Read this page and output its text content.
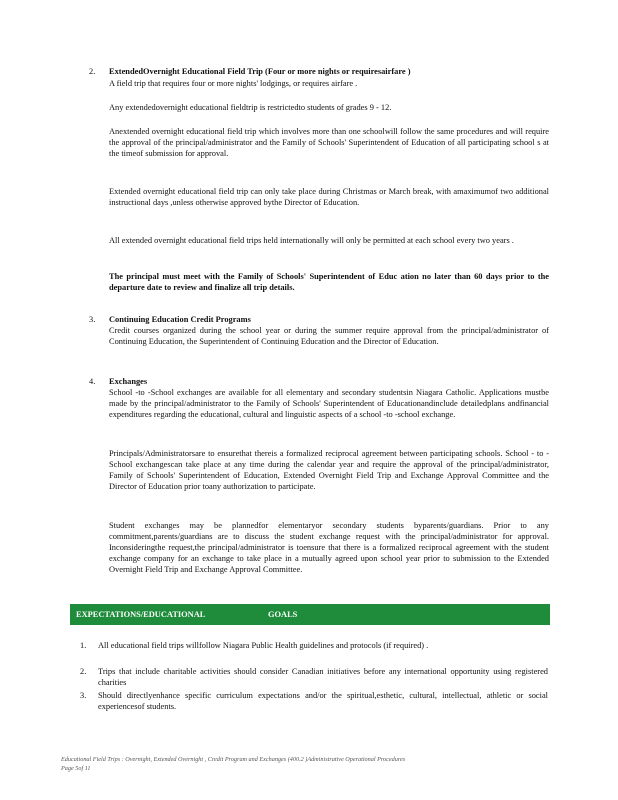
2. ExtendedOvernight Educational Field Trip (Four or more nights or requiresairfare )
A field trip that requires four or more nights' lodgings, or requires airfare .
Any extendedovernight educational fieldtrip is restrictedto students of grades 9 - 12.
Anextended overnight educational field trip which involves more than one schoolwill follow the same procedures and will require the approval of the principal/administrator and the Family of Schools' Superintendent of Education of all participating school s at the timeof submission for approval.
Extended overnight educational field trip can only take place during Christmas or March break, with amaximumof two additional instructional days ,unless otherwise approved bythe Director of Education.
All extended overnight educational field trips held internationally will only be permitted at each school every two years .
The principal must meet with the Family of Schools' Superintendent of Educ ation no later than 60 days prior to the departure date to review and finalize all trip details.
3. Continuing Education Credit Programs
Credit courses organized during the school year or during the summer require approval from the principal/administrator of Continuing Education, the Superintendent of Continuing Education and the Director of Education.
4. Exchanges
School -to -School exchanges are available for all elementary and secondary studentsin Niagara Catholic. Applications mustbe made by the principal/administrator to the Family of Schools' Superintendent of Educationandinclude detailedplans andfinancial expenditures regarding the educational, cultural and linguistic aspects of a school -to -school exchange.
Principals/Administratorsare to ensurethat thereis a formalized reciprocal agreement between participating schools. School - to - School exchangescan take place at any time during the calendar year and require the approval of the principal/administrator, Family of Schools' Superintendent of Education, Extended Overnight Field Trip and Exchange Approval Committee and the Director of Education prior toany authorization to participate.
Student exchanges may be plannedfor elementaryor secondary students byparents/guardians. Prior to any commitment,parents/guardians are to discuss the student exchange request with the principal/administrator for approval. Inconsideringthe request,the principal/administrator is toensure that there is a formalized reciprocal agreement with the student exchange company for an exchange to take place in a mutually agreed upon school year prior to submission to the Extended Overnight Field Trip and Exchange Approval Committee.
EXPECTATIONS/EDUCATIONAL	GOALS
1. All educational field trips willfollow Niagara Public Health guidelines and protocols (if required) .
2. Trips that include charitable activities should consider Canadian initiatives before any international opportunity using registered charities
3. Should directlyenhance specific curriculum expectations and/or the spiritual,esthetic, cultural, intellectual, athletic or social experiencesof students.
Educational Field Trips : Overnight, Extended Overnight , Credit Program and Exchanges (400.2 )Administrative Operational Procedures
Page 5of 11
